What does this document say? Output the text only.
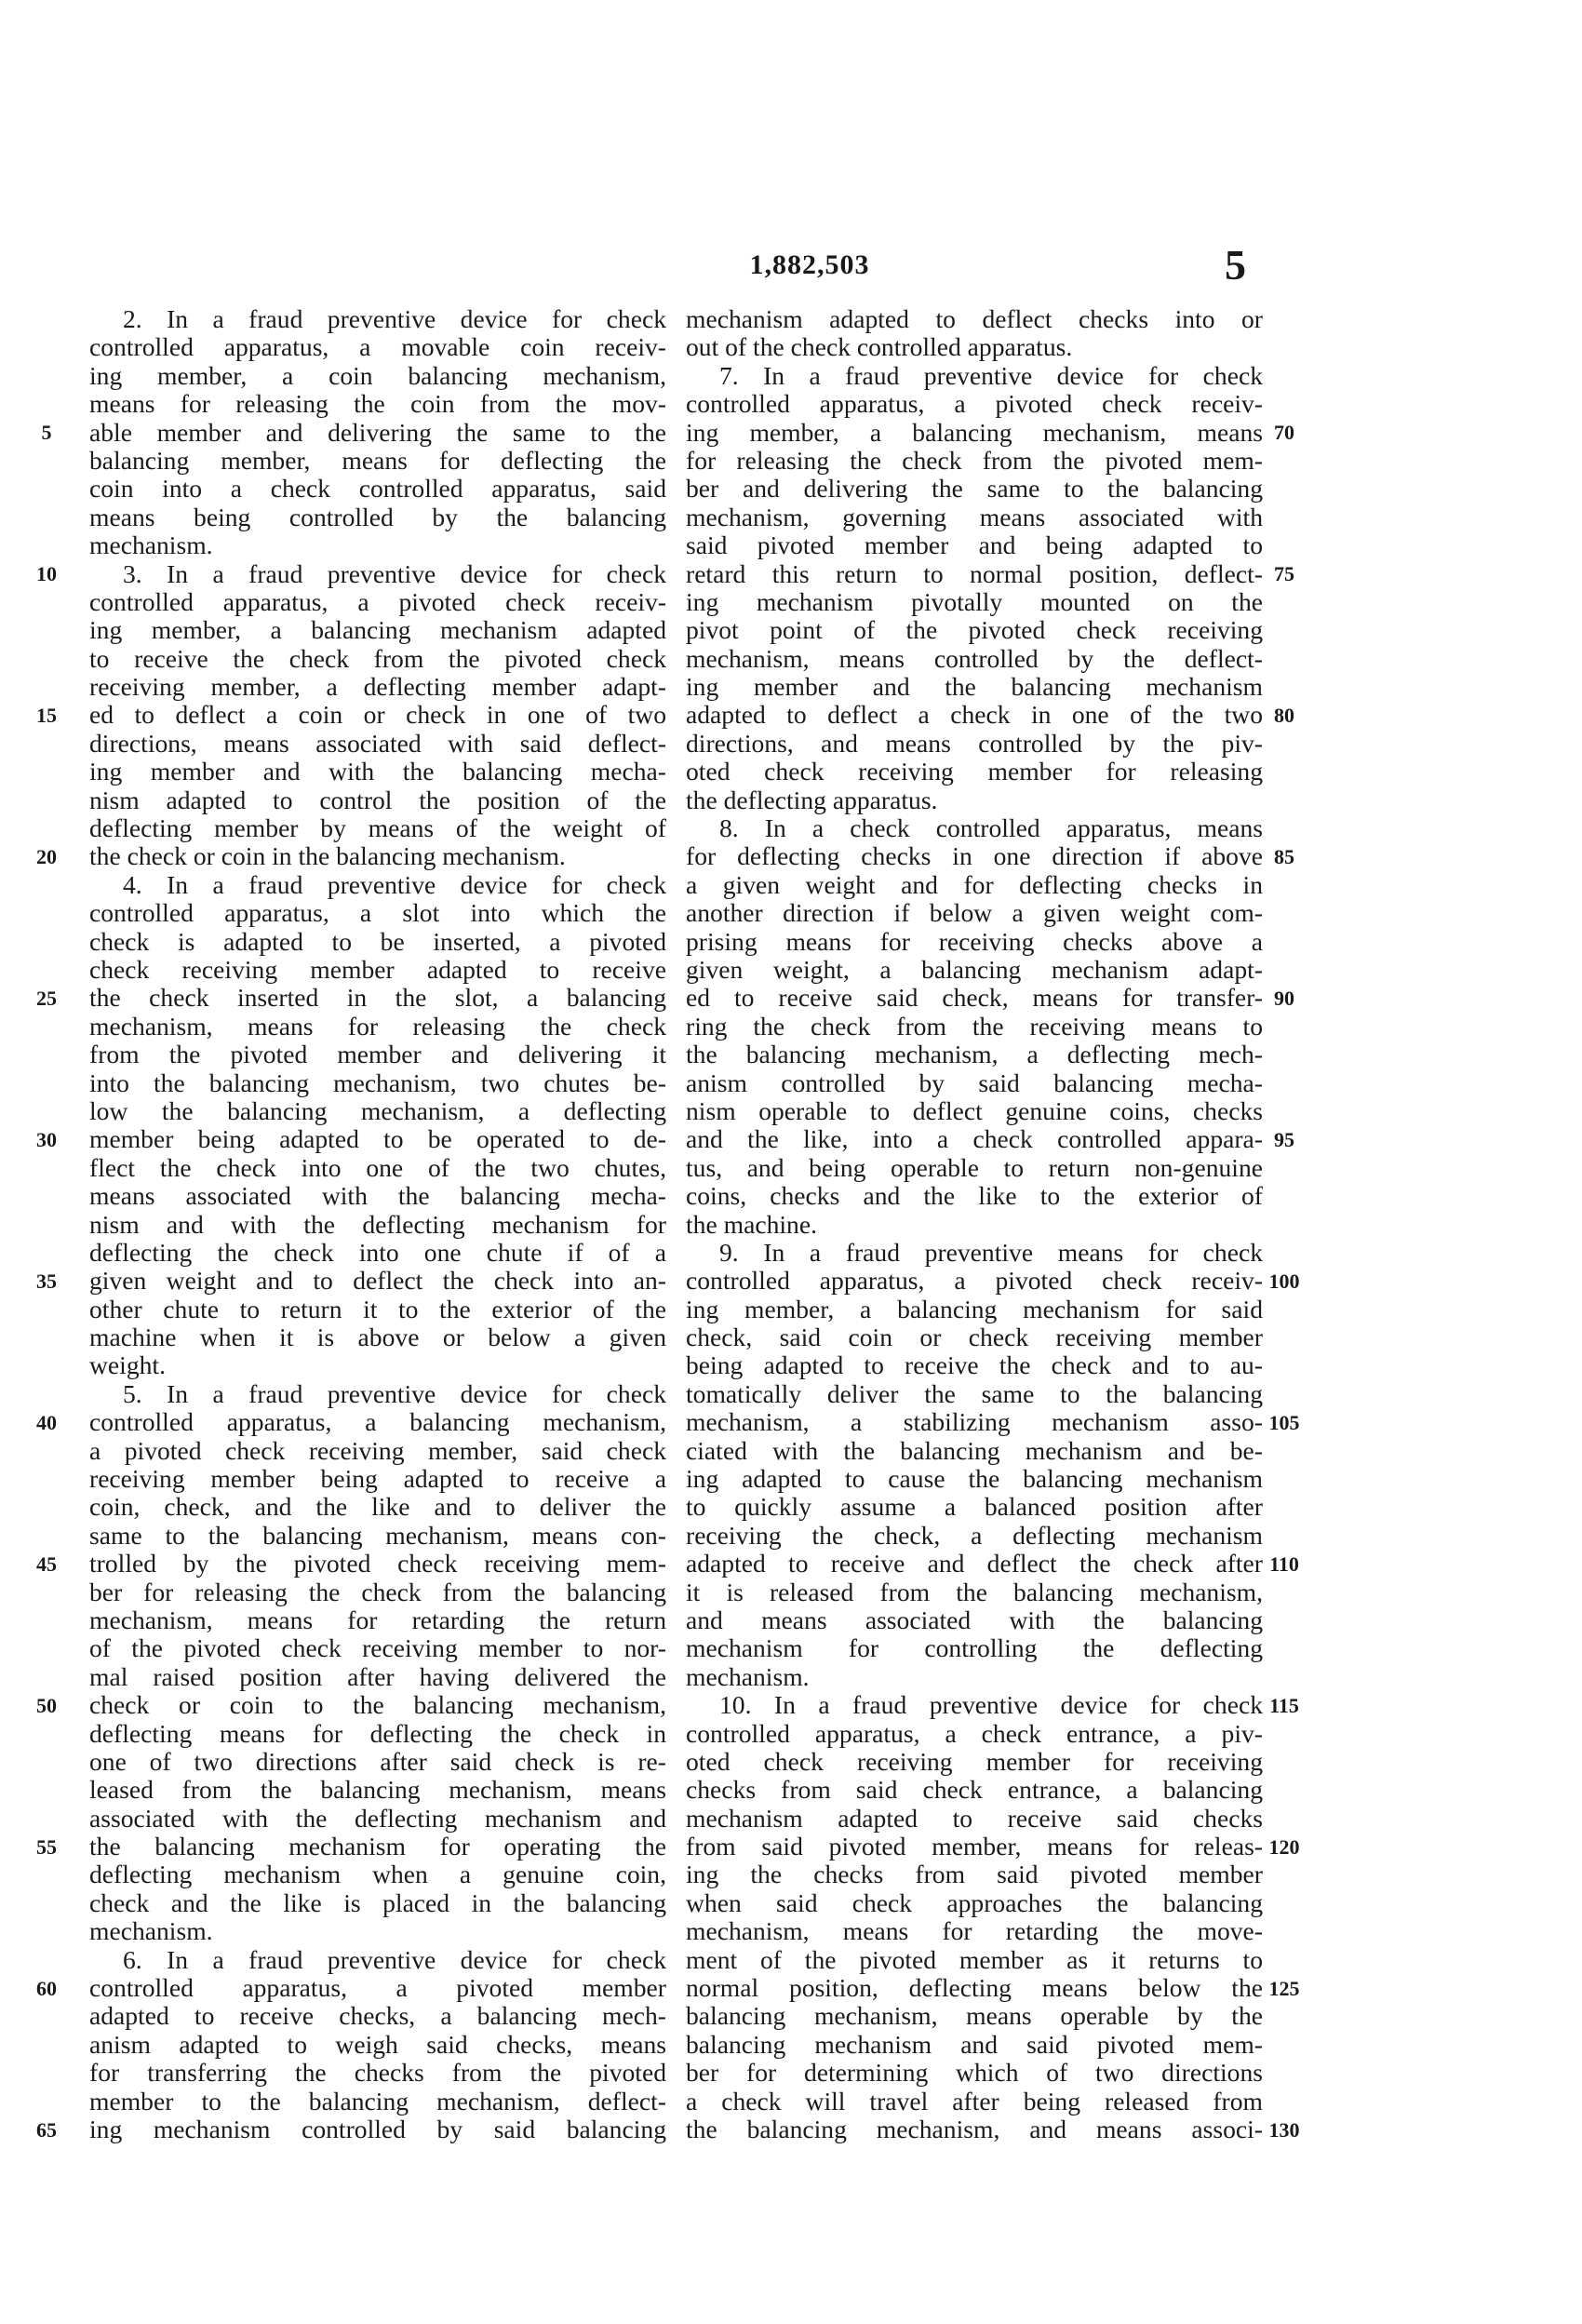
1,882,503	5
2. In a fraud preventive device for check
controlled apparatus, a movable coin receiv-
ing member, a coin balancing mechanism,
means for releasing the coin from the mov-
able member and delivering the same to the
balancing member, means for deflecting the
coin into a check controlled apparatus, said
means being controlled by the balancing
mechanism.
3. In a fraud preventive device for check
controlled apparatus, a pivoted check receiv-
ing member, a balancing mechanism adapted
to receive the check from the pivoted check
receiving member, a deflecting member adapt-
ed to deflect a coin or check in one of two
directions, means associated with said deflect-
ing member and with the balancing mecha-
nism adapted to control the position of the
deflecting member by means of the weight of
the check or coin in the balancing mechanism.
4. In a fraud preventive device for check
controlled apparatus, a slot into which the
check is adapted to be inserted, a pivoted
check receiving member adapted to receive
the check inserted in the slot, a balancing
mechanism, means for releasing the check
from the pivoted member and delivering it
into the balancing mechanism, two chutes be-
low the balancing mechanism, a deflecting
member being adapted to be operated to de-
flect the check into one of the two chutes,
means associated with the balancing mecha-
nism and with the deflecting mechanism for
deflecting the check into one chute if of a
given weight and to deflect the check into an-
other chute to return it to the exterior of the
machine when it is above or below a given
weight.
5. In a fraud preventive device for check
controlled apparatus, a balancing mechanism,
a pivoted check receiving member, said check
receiving member being adapted to receive a
coin, check, and the like and to deliver the
same to the balancing mechanism, means con-
trolled by the pivoted check receiving mem-
ber for releasing the check from the balancing
mechanism, means for retarding the return
of the pivoted check receiving member to nor-
mal raised position after having delivered the
check or coin to the balancing mechanism,
deflecting means for deflecting the check in
one of two directions after said check is re-
leased from the balancing mechanism, means
associated with the deflecting mechanism and
the balancing mechanism for operating the
deflecting mechanism when a genuine coin,
check and the like is placed in the balancing
mechanism.
6. In a fraud preventive device for check
controlled apparatus, a pivoted member
adapted to receive checks, a balancing mech-
anism adapted to weigh said checks, means
for transferring the checks from the pivoted
member to the balancing mechanism, deflect-
ing mechanism controlled by said balancing
mechanism adapted to deflect checks into or
out of the check controlled apparatus.
7. In a fraud preventive device for check
controlled apparatus, a pivoted check receiv-
ing member, a balancing mechanism, means
for releasing the check from the pivoted mem-
ber and delivering the same to the balancing
mechanism, governing means associated with
said pivoted member and being adapted to
retard this return to normal position, deflect-
ing mechanism pivotally mounted on the
pivot point of the pivoted check receiving
mechanism, means controlled by the deflect-
ing member and the balancing mechanism
adapted to deflect a check in one of the two
directions, and means controlled by the piv-
oted check receiving member for releasing
the deflecting apparatus.
8. In a check controlled apparatus, means
for deflecting checks in one direction if above
a given weight and for deflecting checks in
another direction if below a given weight com-
prising means for receiving checks above a
given weight, a balancing mechanism adapt-
ed to receive said check, means for transfer-
ring the check from the receiving means to
the balancing mechanism, a deflecting mech-
anism controlled by said balancing mecha-
nism operable to deflect genuine coins, checks
and the like, into a check controlled appara-
tus, and being operable to return non-genuine
coins, checks and the like to the exterior of
the machine.
9. In a fraud preventive means for check
controlled apparatus, a pivoted check receiv-
ing member, a balancing mechanism for said
check, said coin or check receiving member
being adapted to receive the check and to au-
tomatically deliver the same to the balancing
mechanism, a stabilizing mechanism asso-
ciated with the balancing mechanism and be-
ing adapted to cause the balancing mechanism
to quickly assume a balanced position after
receiving the check, a deflecting mechanism
adapted to receive and deflect the check after
it is released from the balancing mechanism,
and means associated with the balancing
mechanism for controlling the deflecting
mechanism.
10. In a fraud preventive device for check
controlled apparatus, a check entrance, a piv-
oted check receiving member for receiving
checks from said check entrance, a balancing
mechanism adapted to receive said checks
from said pivoted member, means for releas-
ing the checks from said pivoted member
when said check approaches the balancing
mechanism, means for retarding the move-
ment of the pivoted member as it returns to
normal position, deflecting means below the
balancing mechanism, means operable by the
balancing mechanism and said pivoted mem-
ber for determining which of two directions
a check will travel after being released from
the balancing mechanism, and means associ-
5
10
15
20
25
30
35
40
45
50
55
60
65
70
75
80
85
90
95
100
105
110
115
120
125
130
